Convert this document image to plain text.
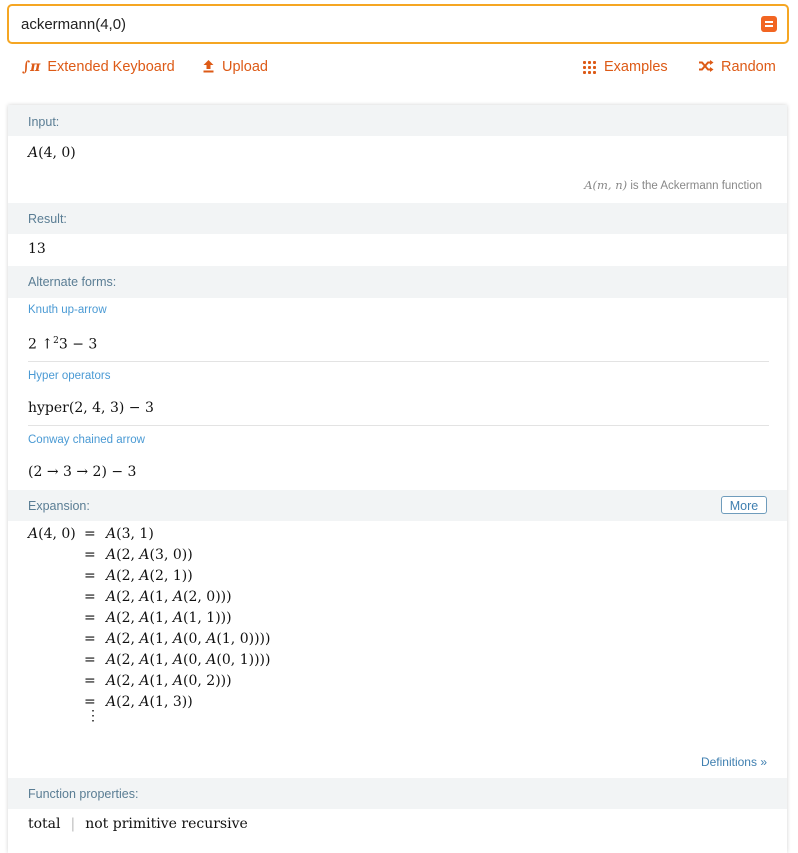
ackermann(4,0)
∫π Extended Keyboard	Upload	Examples	Random
Input:
A(4, 0)
A(m, n) is the Ackermann function
Result:
13
Alternate forms:
Knuth up-arrow
2 ↑$^2$3 − 3
Hyper operators
hyper(2, 4, 3) − 3
Conway chained arrow
(2 → 3 → 2) − 3
Expansion:	More
A(4, 0) = A(3, 1)
= A(2, A(3, 0))
= A(2, A(2, 1))
= A(2, A(1, A(2, 0)))
= A(2, A(1, A(1, 1)))
= A(2, A(1, A(0, A(1, 0))))
= A(2, A(1, A(0, A(0, 1))))
= A(2, A(1, A(0, 2)))
= A(2, A(1, 3))
⋮
Definitions »
Function properties:
total | not primitive recursive
